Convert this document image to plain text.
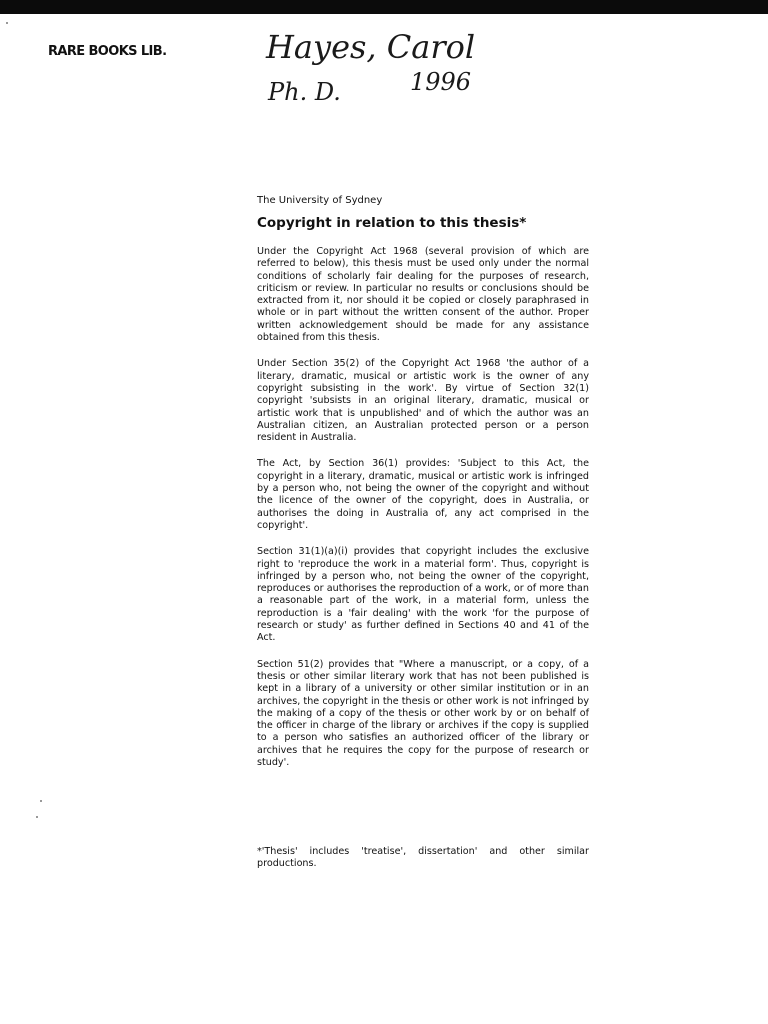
RARE BOOKS LIB.	Hayes, Carol
Ph. D.	1996
The University of Sydney
Copyright in relation to this thesis*

Under the Copyright Act 1968 (several provision of which are referred to below), this thesis must be used only under the normal conditions of scholarly fair dealing for the purposes of research, criticism or review. In particular no results or conclusions should be extracted from it, nor should it be copied or closely paraphrased in whole or in part without the written consent of the author. Proper written acknowledgement should be made for any assistance obtained from this thesis.

Under Section 35(2) of the Copyright Act 1968 'the author of a literary, dramatic, musical or artistic work is the owner of any copyright subsisting in the work'. By virtue of Section 32(1) copyright 'subsists in an original literary, dramatic, musical or artistic work that is unpublished' and of which the author was an Australian citizen, an Australian protected person or a person resident in Australia.

The Act, by Section 36(1) provides: 'Subject to this Act, the copyright in a literary, dramatic, musical or artistic work is infringed by a person who, not being the owner of the copyright and without the licence of the owner of the copyright, does in Australia, or authorises the doing in Australia of, any act comprised in the copyright'.

Section 31(1)(a)(i) provides that copyright includes the exclusive right to 'reproduce the work in a material form'. Thus, copyright is infringed by a person who, not being the owner of the copyright, reproduces or authorises the reproduction of a work, or of more than a reasonable part of the work, in a material form, unless the reproduction is a 'fair dealing' with the work 'for the purpose of research or study' as further defined in Sections 40 and 41 of the Act.

Section 51(2) provides that "Where a manuscript, or a copy, of a thesis or other similar literary work that has not been published is kept in a library of a university or other similar institution or in an archives, the copyright in the thesis or other work is not infringed by the making of a copy of the thesis or other work by or on behalf of the officer in charge of the library or archives if the copy is supplied to a person who satisfies an authorized officer of the library or archives that he requires the copy for the purpose of research or study'.

*'Thesis' includes 'treatise', dissertation' and other similar productions.
